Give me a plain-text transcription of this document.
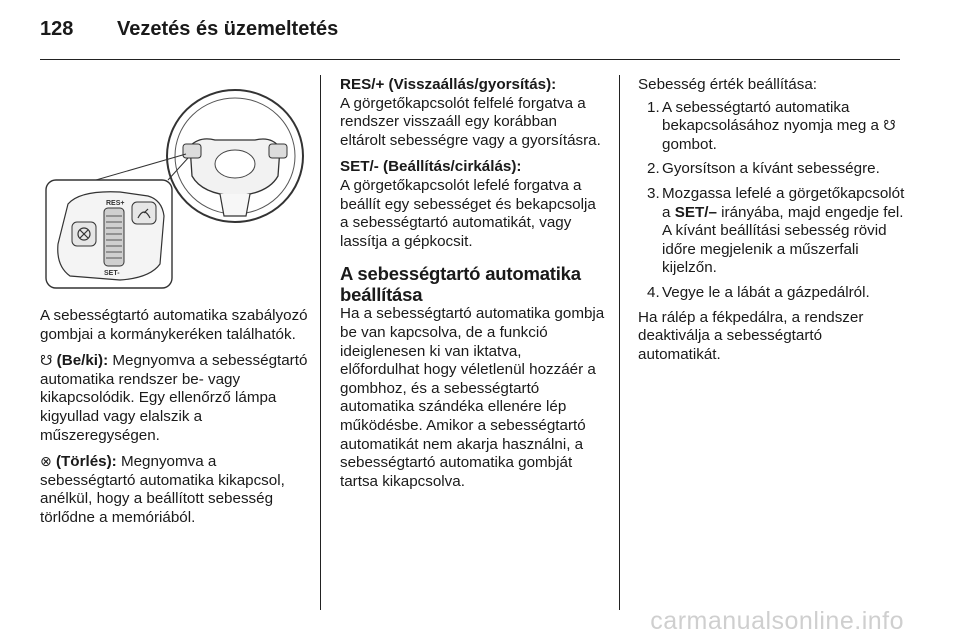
128 Vezetés és üzemeltetés
RES+
SET-

A sebességtartó automatika szabályozó gombjai a kormánykeréken találhatók.

☋ (Be/ki): Megnyomva a sebességtartó automatika rendszer be- vagy kikapcsolódik. Egy ellenőrző lámpa kigyullad vagy elalszik a műszeregységen.

⊗ (Törlés): Megnyomva a sebességtartó automatika kikapcsol, anélkül, hogy a beállított sebesség törlődne a memóriából.

RES/+ (Visszaállás/gyorsítás):
A görgetőkapcsolót felfelé forgatva a rendszer visszaáll egy korábban eltárolt sebességre vagy a gyorsításra.

SET/- (Beállítás/cirkálás):
A görgetőkapcsolót lefelé forgatva a beállít egy sebességet és bekapcsolja a sebességtartó automatikát, vagy lassítja a gépkocsit.

A sebességtartó automatika beállítása

Ha a sebességtartó automatika gombja be van kapcsolva, de a funkció ideiglenesen ki van iktatva, előfordulhat hogy véletlenül hozzáér a gombhoz, és a sebességtartó automatika szándéka ellenére lép működésbe. Amikor a sebességtartó automatikát nem akarja használni, a sebességtartó automatika gombját tartsa kikapcsolva.

Sebesség érték beállítása:

1. A sebességtartó automatika bekapcsolásához nyomja meg a ☋ gombot.
2. Gyorsítson a kívánt sebességre.
3. Mozgassa lefelé a görgetőkapcsolót a SET/– irányába, majd engedje fel.
A kívánt beállítási sebesség rövid időre megjelenik a műszerfali kijelzőn.
4. Vegye le a lábát a gázpedálról.

Ha rálép a fékpedálra, a rendszer deaktiválja a sebességtartó automatikát.

carmanualsonline.info
